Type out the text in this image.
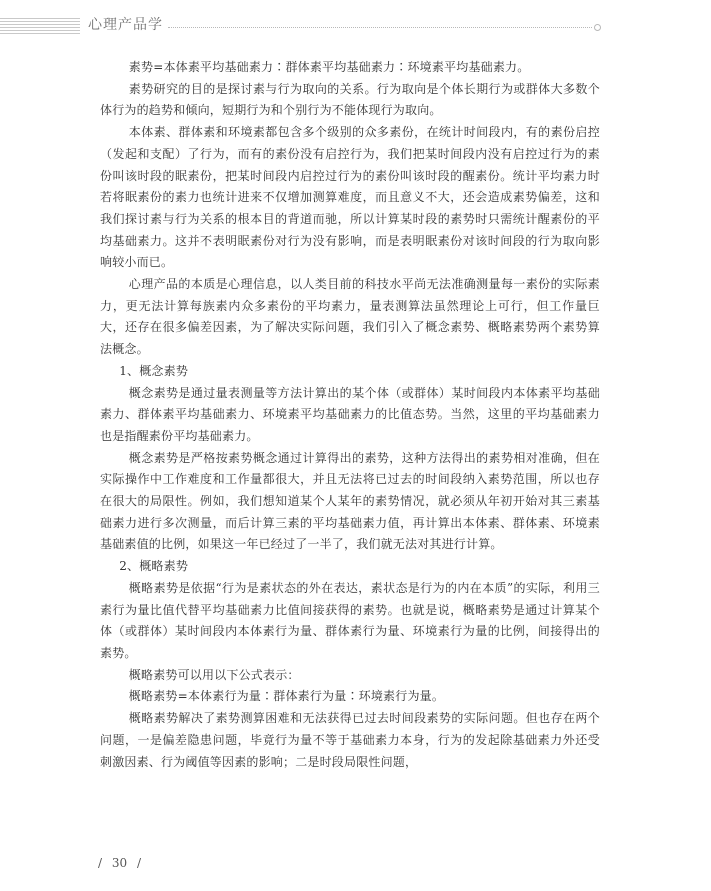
心理产品学

素势=本体素平均基础素力∶群体素平均基础素力∶环境素平均基础素力。

素势研究的目的是探讨素与行为取向的关系。行为取向是个体长期行为或群体大多数个体行为的趋势和倾向，短期行为和个别行为不能体现行为取向。

本体素、群体素和环境素都包含多个级别的众多素份，在统计时间段内，有的素份启控（发起和支配）了行为，而有的素份没有启控行为，我们把某时间段内没有启控过行为的素份叫该时段的眠素份，把某时间段内启控过行为的素份叫该时段的醒素份。统计平均素力时若将眠素份的素力也统计进来不仅增加测算难度，而且意义不大，还会造成素势偏差，这和我们探讨素与行为关系的根本目的背道而驰，所以计算某时段的素势时只需统计醒素份的平均基础素力。这并不表明眠素份对行为没有影响，而是表明眠素份对该时间段的行为取向影响较小而已。

心理产品的本质是心理信息，以人类目前的科技水平尚无法准确测量每一素份的实际素力，更无法计算每族素内众多素份的平均素力，量表测算法虽然理论上可行，但工作量巨大，还存在很多偏差因素，为了解决实际问题，我们引入了概念素势、概略素势两个素势算法概念。

1、概念素势

概念素势是通过量表测量等方法计算出的某个体（或群体）某时间段内本体素平均基础素力、群体素平均基础素力、环境素平均基础素力的比值态势。当然，这里的平均基础素力也是指醒素份平均基础素力。

概念素势是严格按素势概念通过计算得出的素势，这种方法得出的素势相对准确，但在实际操作中工作难度和工作量都很大，并且无法将已过去的时间段纳入素势范围，所以也存在很大的局限性。例如，我们想知道某个人某年的素势情况，就必须从年初开始对其三素基础素力进行多次测量，而后计算三素的平均基础素力值，再计算出本体素、群体素、环境素基础素值的比例，如果这一年已经过了一半了，我们就无法对其进行计算。

2、概略素势

概略素势是依据“行为是素状态的外在表达，素状态是行为的内在本质”的实际，利用三素行为量比值代替平均基础素力比值间接获得的素势。也就是说，概略素势是通过计算某个体（或群体）某时间段内本体素行为量、群体素行为量、环境素行为量的比例，间接得出的素势。

概略素势可以用以下公式表示：

概略素势=本体素行为量∶群体素行为量∶环境素行为量。

概略素势解决了素势测算困难和无法获得已过去时间段素势的实际问题。但也存在两个问题，一是偏差隐患问题，毕竟行为量不等于基础素力本身，行为的发起除基础素力外还受刺激因素、行为阈值等因素的影响；二是时段局限性问题，

/ 30 /
